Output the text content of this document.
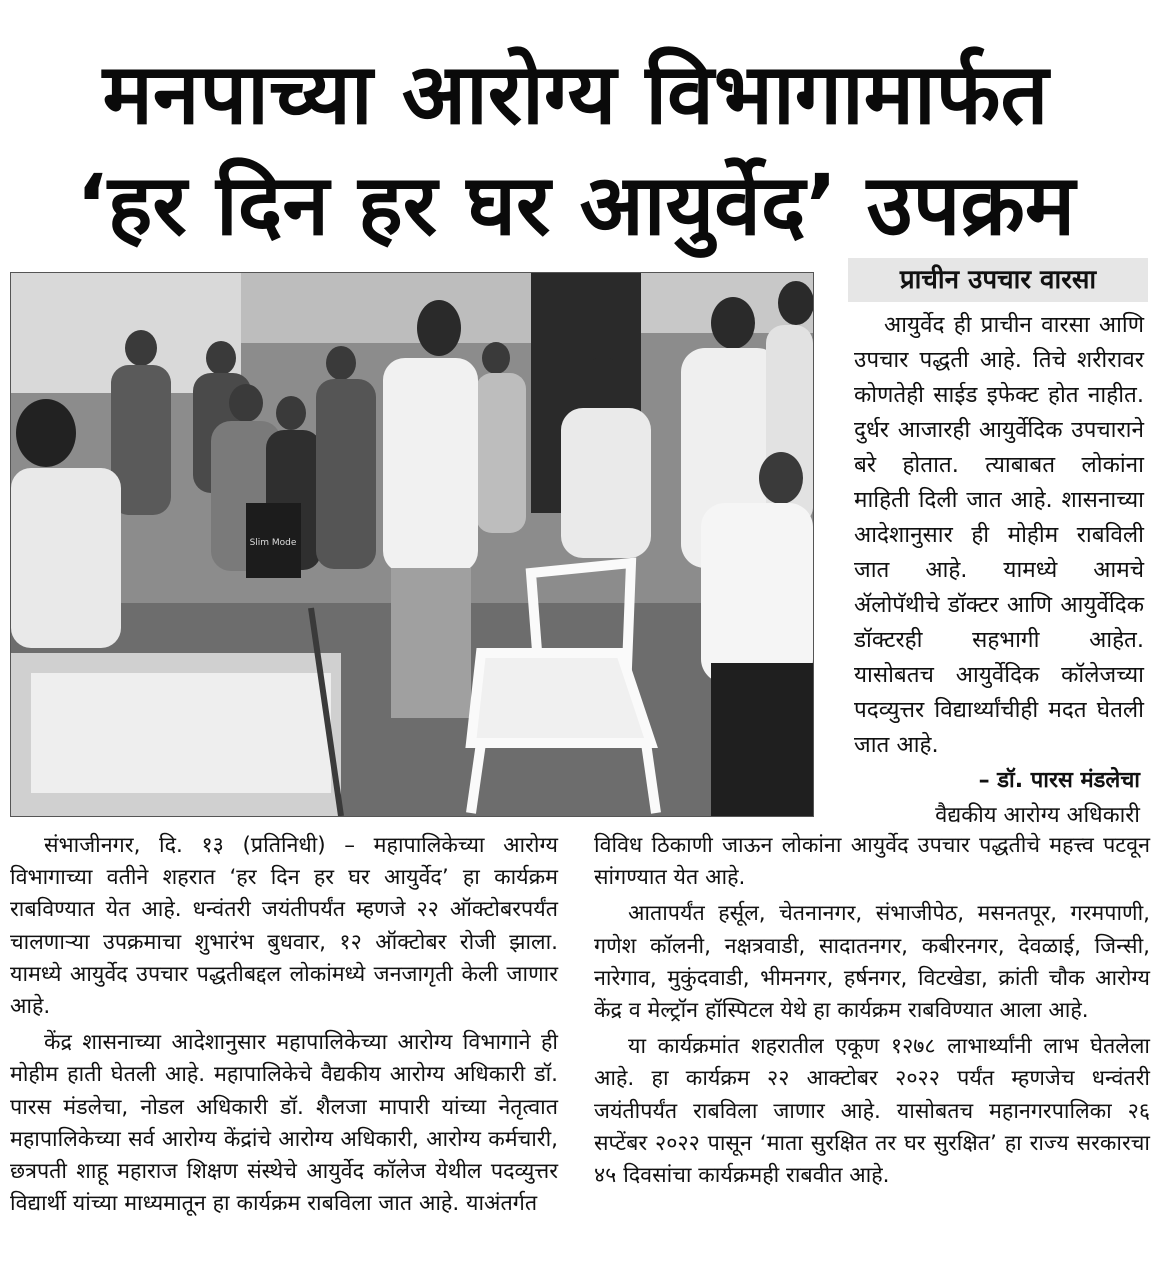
मनपाच्या आरोग्य विभागामार्फत
‘हर दिन हर घर आयुर्वेद’ उपक्रम
Slim Mode
प्राचीन उपचार वारसा
आयुर्वेद ही प्राचीन वारसा आणि उपचार पद्धती आहे. तिचे शरीरावर कोणतेही साईड इफेक्ट होत नाहीत. दुर्धर आजारही आयुर्वेदिक उपचाराने बरे होतात. त्याबाबत लोकांना माहिती दिली जात आहे. शासनाच्या आदेशानुसार ही मोहीम राबविली जात आहे. यामध्ये आमचे ॲलोपॅथीचे डॉक्टर आणि आयुर्वेदिक डॉक्टरही सहभागी आहेत. यासोबतच आयुर्वेदिक कॉलेजच्या पदव्युत्तर विद्यार्थ्यांचीही मदत घेतली जात आहे.
– डॉ. पारस मंडलेचा
वैद्यकीय आरोग्य अधिकारी

संभाजीनगर, दि. १३ (प्रतिनिधी) – महापालिकेच्या आरोग्य विभागाच्या वतीने शहरात ‘हर दिन हर घर आयुर्वेद’ हा कार्यक्रम राबविण्यात येत आहे. धन्वंतरी जयंतीपर्यंत म्हणजे २२ ऑक्टोबरपर्यंत चालणाऱ्या उपक्रमाचा शुभारंभ बुधवार, १२ ऑक्टोबर रोजी झाला. यामध्ये आयुर्वेद उपचार पद्धतीबद्दल लोकांमध्ये जनजागृती केली जाणार आहे.

केंद्र शासनाच्या आदेशानुसार महापालिकेच्या आरोग्य विभागाने ही मोहीम हाती घेतली आहे. महापालिकेचे वैद्यकीय आरोग्य अधिकारी डॉ. पारस मंडलेचा, नोडल अधिकारी डॉ. शैलजा मापारी यांच्या नेतृत्वात महापालिकेच्या सर्व आरोग्य केंद्रांचे आरोग्य अधिकारी, आरोग्य कर्मचारी, छत्रपती शाहू महाराज शिक्षण संस्थेचे आयुर्वेद कॉलेज येथील पदव्युत्तर विद्यार्थी यांच्या माध्यमातून हा कार्यक्रम राबविला जात आहे. याअंतर्गत

विविध ठिकाणी जाऊन लोकांना आयुर्वेद उपचार पद्धतीचे महत्त्व पटवून सांगण्यात येत आहे.

आतापर्यंत हर्सूल, चेतनानगर, संभाजीपेठ, मसनतपूर, गरमपाणी, गणेश कॉलनी, नक्षत्रवाडी, सादातनगर, कबीरनगर, देवळाई, जिन्सी, नारेगाव, मुकुंदवाडी, भीमनगर, हर्षनगर, विटखेडा, क्रांती चौक आरोग्य केंद्र व मेल्ट्रॉन हॉस्पिटल येथे हा कार्यक्रम राबविण्यात आला आहे.

या कार्यक्रमांत शहरातील एकूण १२७८ लाभार्थ्यांनी लाभ घेतलेला आहे. हा कार्यक्रम २२ आक्टोबर २०२२ पर्यंत म्हणजेच धन्वंतरी जयंतीपर्यंत राबविला जाणार आहे. यासोबतच महानगरपालिका २६ सप्टेंबर २०२२ पासून ‘माता सुरक्षित तर घर सुरक्षित’ हा राज्य सरकारचा ४५ दिवसांचा कार्यक्रमही राबवीत आहे.
